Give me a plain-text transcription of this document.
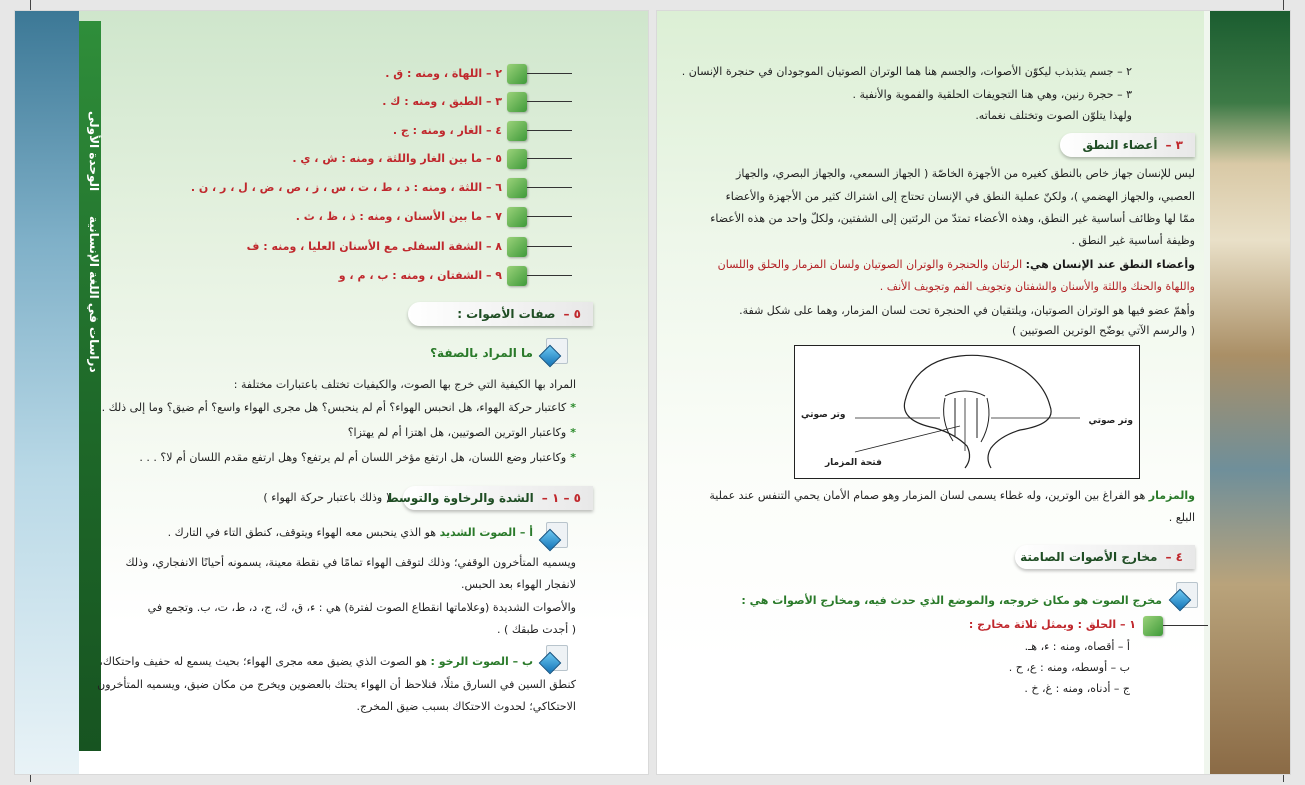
الوحدة الأولى
دراسات في اللغة الإنسانية
٢ – اللهاة ، ومنه : ق .
٣ – الطبق ، ومنه : ك .
٤ – الغار ، ومنه : ج .
٥ – ما بين الغار واللثة ، ومنه : ش ، ي .
٦ – اللثة ، ومنه : د ، ط ، ت ، س ، ز ، ص ، ض ، ل ، ر ، ن .
٧ – ما بين الأسنان ، ومنه : ذ ، ظ ، ث .
٨ – الشفة السفلى مع الأسنان العليا ، ومنه : ف
٩ – الشفتان ، ومنه : ب ، م ، و
٥ –صفات الأصوات :
ما المراد بالصفة؟
المراد بها الكيفية التي خرج بها الصوت، والكيفيات تختلف باعتبارات مختلفة :
*كاعتبار حركة الهواء، هل انحبس الهواء؟ أم لم ينحبس؟ هل مجرى الهواء واسع؟ أم ضيق؟ وما إلى ذلك .
*وكاعتبار الوترين الصوتيين، هل اهتزا أم لم يهتزا؟
*وكاعتبار وضع اللسان، هل ارتفع مؤخر اللسان أم لم يرتفع؟ وهل ارتفع مقدم اللسان أم لا؟ . . .
٥ – ١ –الشدة والرخاوة والتوسط
( وذلك باعتبار حركة الهواء )
أ – الصوت الشديد هو الذي ينحبس معه الهواء ويتوقف، كنطق التاء في التارك .
ويسميه المتأخرون الوقفي؛ وذلك لتوقف الهواء تمامًا في نقطة معينة، يسمونه أحيانًا الانفجاري، وذلك
لانفجار الهواء بعد الحبس.
والأصوات الشديدة (وعلاماتها انقطاع الصوت لفترة) هي : ء، ق، ك، ج، د، ط، ت، ب. وتجمع في
( أجدت طبقك ) .
ب – الصوت الرخو : هو الصوت الذي يضيق معه مجرى الهواء؛ بحيث يسمع له حفيف واحتكاك،
كنطق السين في السارق مثلًا، فنلاحظ أن الهواء يحتك بالعضوين ويخرج من مكان ضيق، ويسميه المتأخرون
الاحتكاكي؛ لحدوث الاحتكاك بسبب ضيق المخرج.
٢ – جسم يتذبذب ليكوّن الأصوات، والجسم هنا هما الوتران الصوتيان الموجودان في حنجرة الإنسان .
٣ – حجرة رنين، وهي هنا التجويفات الحلقية والفموية والأنفية .
ولهذا يتلوّن الصوت وتختلف نغماته.
٣ –أعضاء النطق
ليس للإنسان جهاز خاص بالنطق كغيره من الأجهزة الخاصّة ( الجهاز السمعي، والجهاز البصري، والجهاز
العصبي، والجهاز الهضمي )، ولكنّ عملية النطق في الإنسان تحتاج إلى اشتراك كثير من الأجهزة والأعضاء
ممّا لها وظائف أساسية غير النطق، وهذه الأعضاء تمتدّ من الرئتين إلى الشفتين، ولكلّ واحد من هذه الأعضاء
وظيفة أساسية غير النطق .
وأعضاء النطق عند الإنسان هي: الرئتان والحنجرة والوتران الصوتيان ولسان المزمار والحلق واللسان
واللهاة والحنك واللثة والأسنان والشفتان وتجويف الفم وتجويف الأنف .
وأهمّ عضو فيها هو الوتران الصوتيان، ويلتقيان في الحنجرة تحت لسان المزمار، وهما على شكل شفة.
( والرسم الآتي يوضّح الوترين الصوتيين )
وتر صوتي
وتر صوتي
فتحة المزمار
والمزمار هو الفراغ بين الوترين، وله غطاء يسمى لسان المزمار وهو صمام الأمان يحمي التنفس عند عملية
البلع .
٤ –مخارج الأصوات الصامتة
مخرج الصوت هو مكان خروجه، والموضع الذي حدث فيه، ومخارج الأصوات هي :
١ – الحلق : ويمثل ثلاثة مخارج :
أ – أقصاه، ومنه : ء، هـ.
ب – أوسطه، ومنه : ع، ح .
ج – أدناه، ومنه : غ، خ .
